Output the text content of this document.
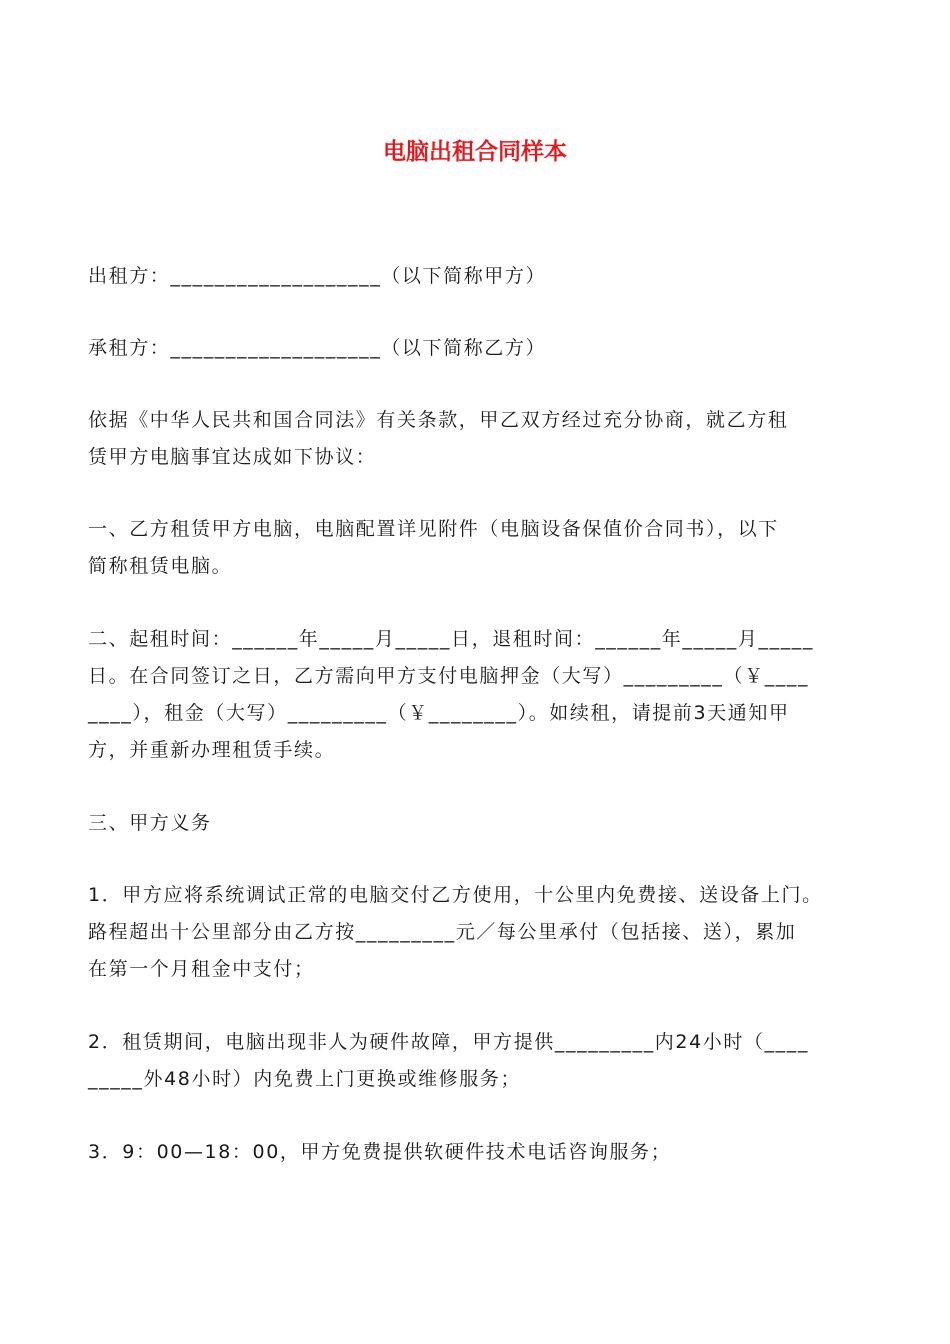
电脑出租合同样本
出租方：___________________（以下简称甲方）
承租方：___________________（以下简称乙方）
依据《中华人民共和国合同法》有关条款，甲乙双方经过充分协商，就乙方租
赁甲方电脑事宜达成如下协议：
一、乙方租赁甲方电脑，电脑配置详见附件（电脑设备保值价合同书），以下
简称租赁电脑。
二、起租时间：______年_____月_____日，退租时间：______年_____月_____
日。在合同签订之日，乙方需向甲方支付电脑押金（大写）_________（￥____
____），租金（大写）_________（￥________）。如续租，请提前3天通知甲
方，并重新办理租赁手续。
三、甲方义务
1．甲方应将系统调试正常的电脑交付乙方使用，十公里内免费接、送设备上门。
路程超出十公里部分由乙方按_________元／每公里承付（包括接、送），累加
在第一个月租金中支付；
2．租赁期间，电脑出现非人为硬件故障，甲方提供_________内24小时（____
_____外48小时）内免费上门更换或维修服务；
3．9：00—18：00，甲方免费提供软硬件技术电话咨询服务；
